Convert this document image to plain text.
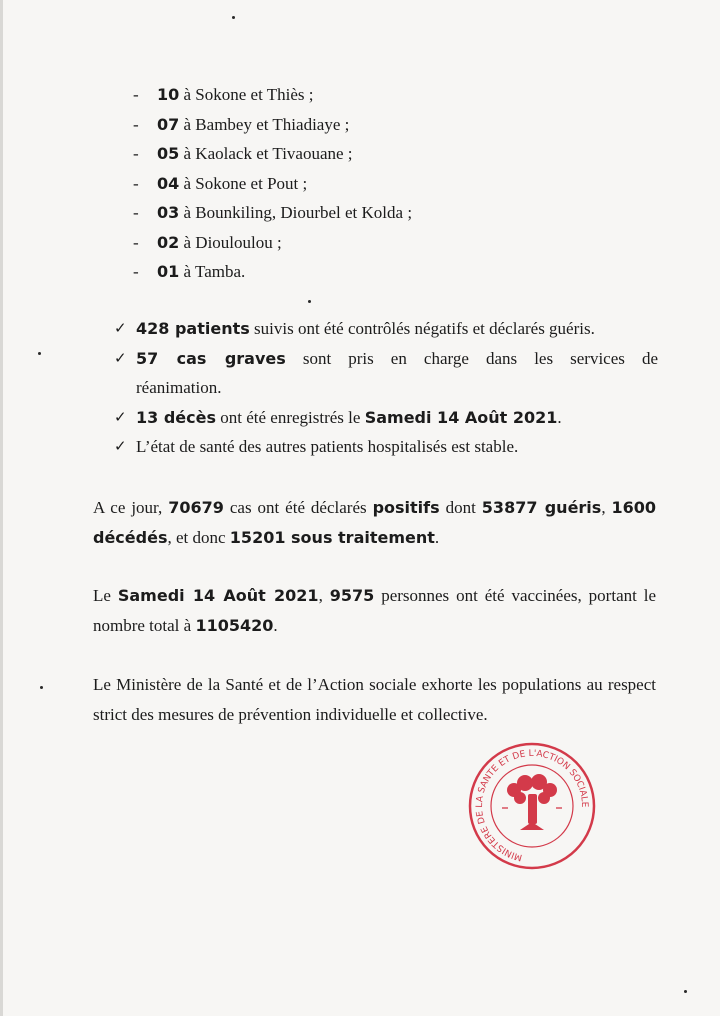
- 10 à Sokone et Thiès ;
- 07 à Bambey et Thiadiaye ;
- 05 à Kaolack et Tivaouane ;
- 04 à Sokone et Pout ;
- 03 à Bounkiling, Diourbel et Kolda ;
- 02 à Diouloulou ;
- 01 à Tamba.
✓ 428 patients suivis ont été contrôlés négatifs et déclarés guéris.
✓ 57 cas graves sont pris en charge dans les services de
réanimation.
✓ 13 décès ont été enregistrés le Samedi 14 Août 2021.
✓ L’état de santé des autres patients hospitalisés est stable.

A ce jour, 70679 cas ont été déclarés positifs dont 53877 guéris, 1600 décédés, et donc 15201 sous traitement.

Le Samedi 14 Août 2021, 9575 personnes ont été vaccinées, portant le nombre total à 1105420.

Le Ministère de la Santé et de l’Action sociale exhorte les populations au respect strict des mesures de prévention individuelle et collective.

MINISTERE DE LA SANTE ET DE L'ACTION SOCIALE
